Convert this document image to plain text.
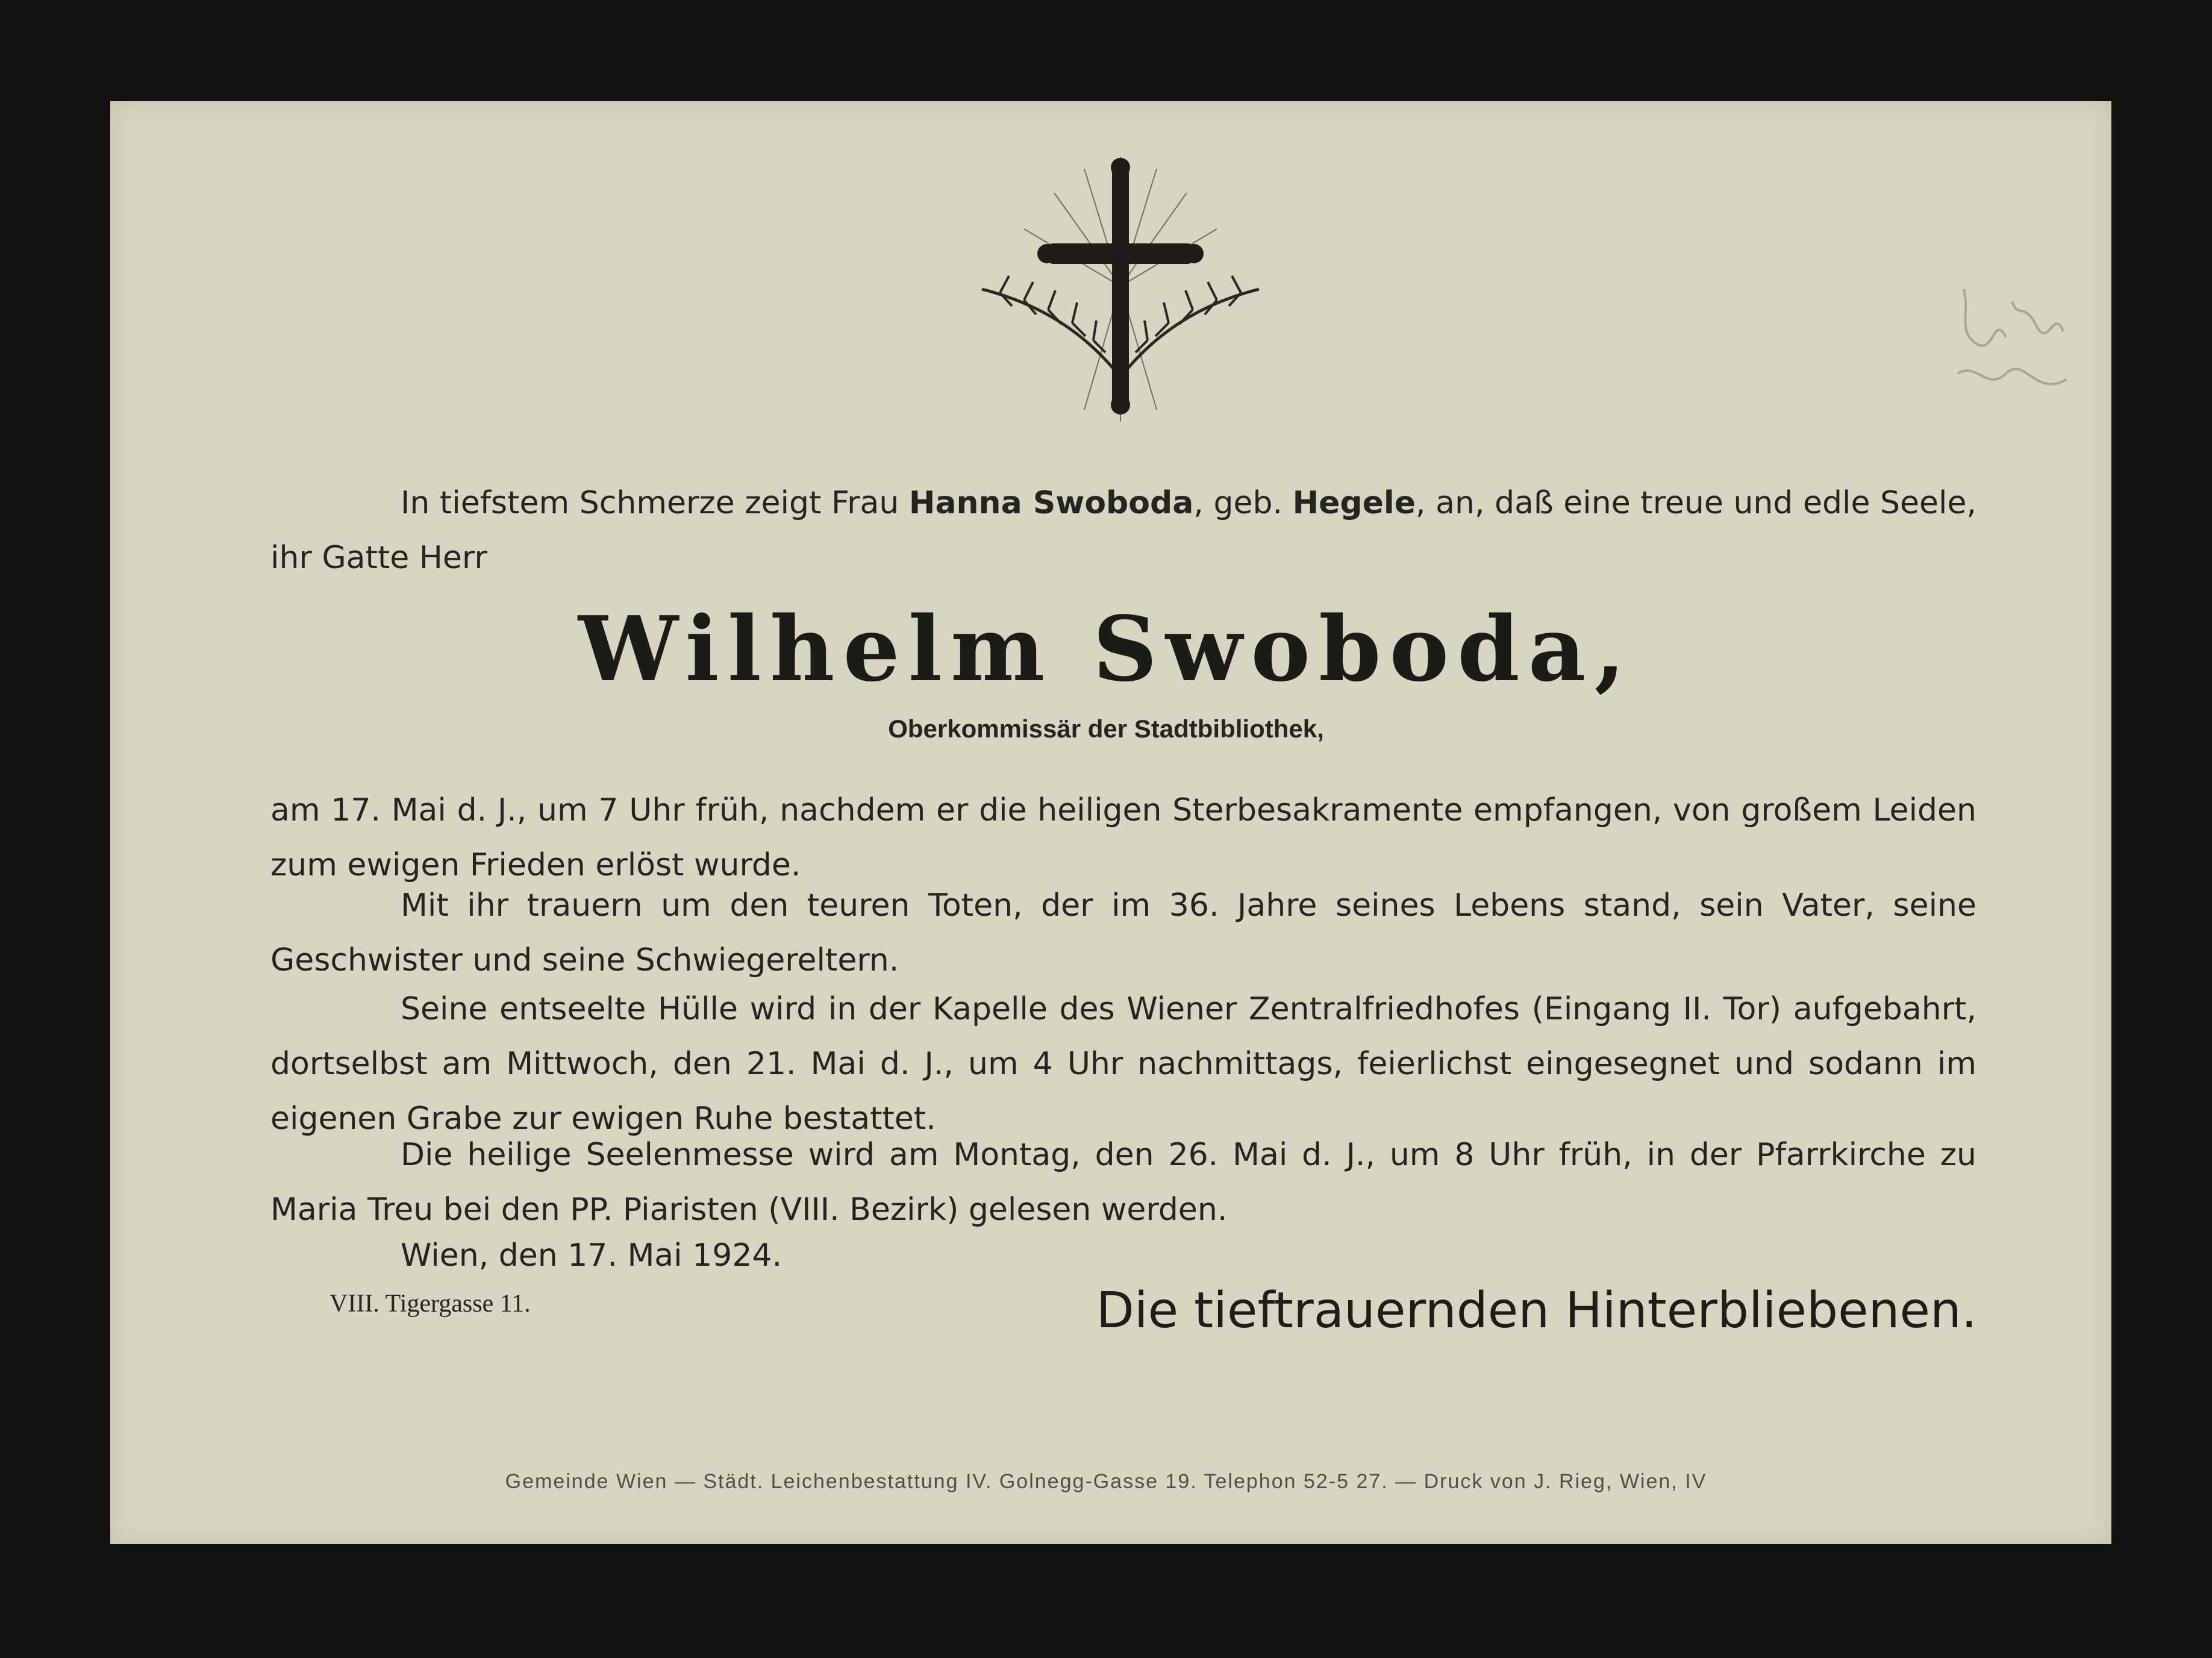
In tiefstem Schmerze zeigt Frau Hanna Swoboda, geb. Hegele, an, daß eine treue und edle Seele, ihr Gatte Herr
Wilhelm Swoboda,
Oberkommissär der Stadtbibliothek,
am 17. Mai d. J., um 7 Uhr früh, nachdem er die heiligen Sterbesakramente empfangen, von großem Leiden zum ewigen Frieden erlöst wurde.
Mit ihr trauern um den teuren Toten, der im 36. Jahre seines Lebens stand, sein Vater, seine Geschwister und seine Schwiegereltern.
Seine entseelte Hülle wird in der Kapelle des Wiener Zentralfriedhofes (Eingang II. Tor) aufgebahrt, dortselbst am Mittwoch, den 21. Mai d. J., um 4 Uhr nachmittags, feierlichst eingesegnet und sodann im eigenen Grabe zur ewigen Ruhe bestattet.
Die heilige Seelenmesse wird am Montag, den 26. Mai d. J., um 8 Uhr früh, in der Pfarrkirche zu Maria Treu bei den PP. Piaristen (VIII. Bezirk) gelesen werden.
Wien, den 17. Mai 1924.
VIII. Tigergasse 11.	Die tieftrauernden Hinterbliebenen.
Gemeinde Wien — Städt. Leichenbestattung IV. Golnegg-Gasse 19. Telephon 52-5 27. — Druck von J. Rieg, Wien, IV
